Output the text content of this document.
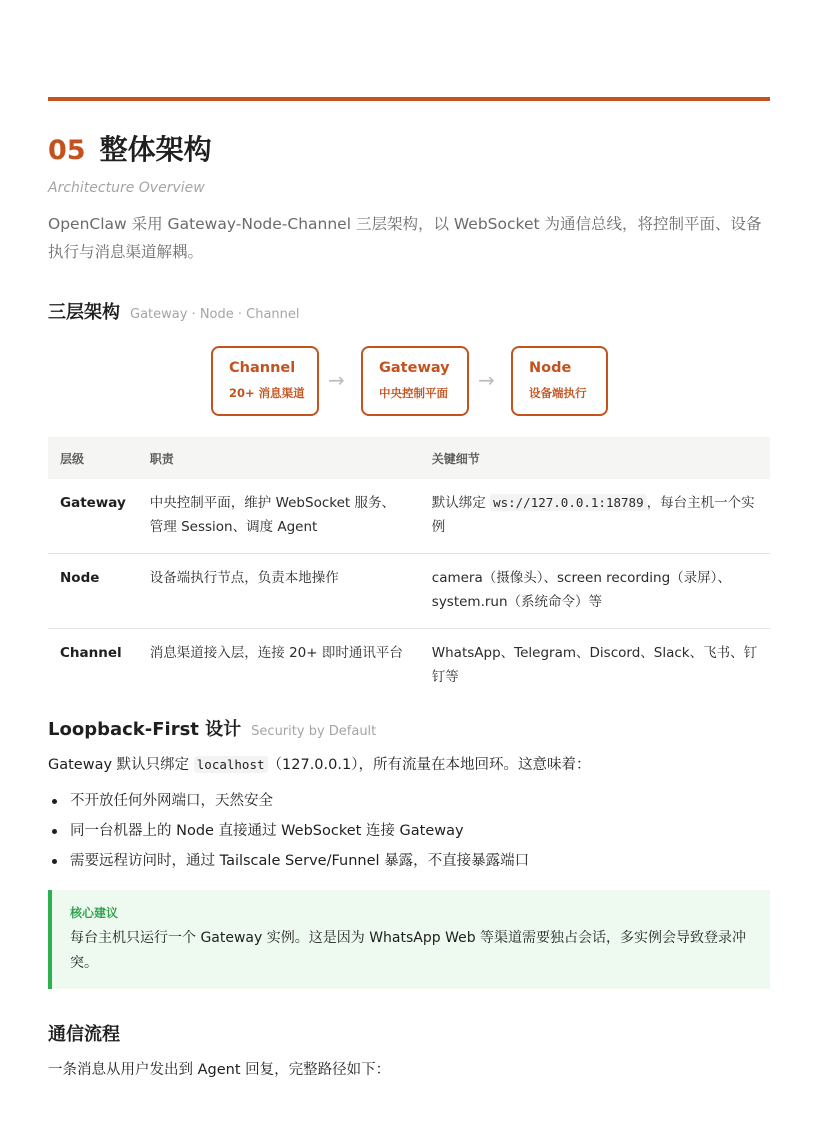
05 整体架构
Architecture Overview
OpenClaw 采用 Gateway-Node-Channel 三层架构，以 WebSocket 为通信总线，将控制平面、设备执行与消息渠道解耦。
三层架构 Gateway · Node · Channel
Channel
20+ 消息渠道
→ Gateway
中央控制平面
→ Node
设备端执行
层级	职责	关键细节
Gateway	中央控制平面，维护 WebSocket 服务、管理 Session、调度 Agent	默认绑定 ws://127.0.0.1:18789 ，每台主机一个实例
Node	设备端执行节点，负责本地操作	camera（摄像头）、screen recording（录屏）、system.run（系统命令）等
Channel	消息渠道接入层，连接 20+ 即时通讯平台	WhatsApp、Telegram、Discord、Slack、飞书、钉钉等
Loopback-First 设计 Security by Default
Gateway 默认只绑定 localhost （127.0.0.1），所有流量在本地回环。这意味着：
不开放任何外网端口，天然安全
同一台机器上的 Node 直接通过 WebSocket 连接 Gateway
需要远程访问时，通过 Tailscale Serve/Funnel 暴露，不直接暴露端口
核心建议
每台主机只运行一个 Gateway 实例。这是因为 WhatsApp Web 等渠道需要独占会话，多实例会导致登录冲突。
通信流程
一条消息从用户发出到 Agent 回复，完整路径如下：
